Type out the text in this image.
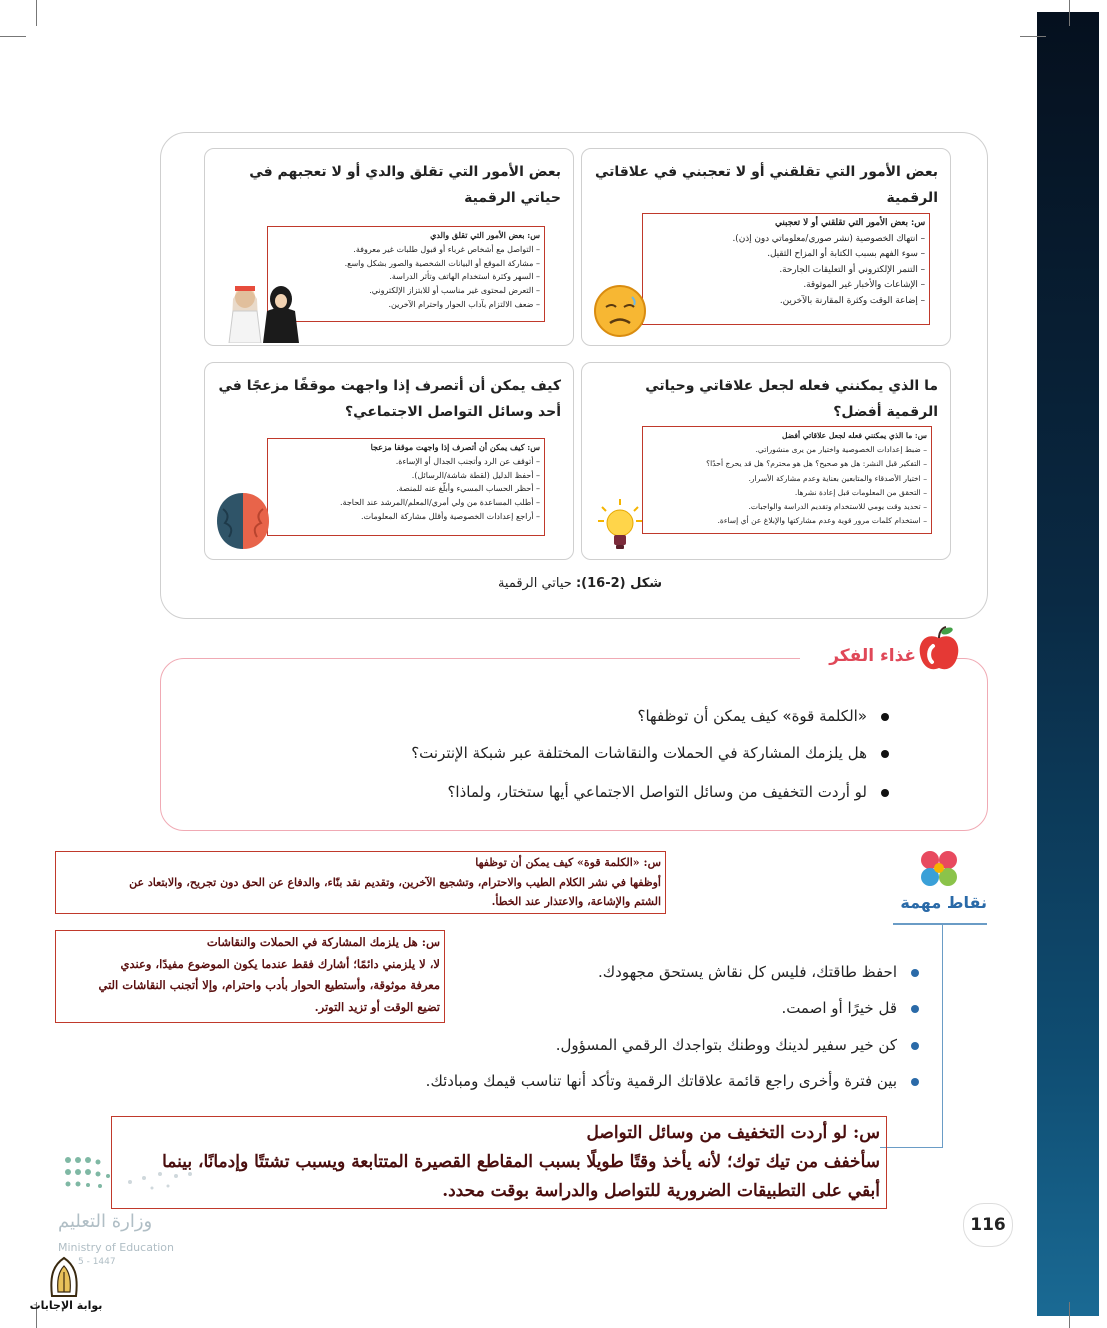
بعض الأمور التي تقلقني أو لا تعجبني في علاقاتي الرقمية
س: بعض الأمور التي تقلقني أو لا تعجبني
– انتهاك الخصوصية (نشر صوري/معلوماتي دون إذن).
– سوء الفهم بسبب الكتابة أو المزاح الثقيل.
– التنمر الإلكتروني أو التعليقات الجارحة.
– الإشاعات والأخبار غير الموثوقة.
– إضاعة الوقت وكثرة المقارنة بالآخرين.
بعض الأمور التي تقلق والدي أو لا تعجبهم في حياتي الرقمية
س: بعض الأمور التي تقلق والدي
– التواصل مع أشخاص غرباء أو قبول طلبات غير معروفة.
– مشاركة الموقع أو البيانات الشخصية والصور بشكل واسع.
– السهر وكثرة استخدام الهاتف وتأثر الدراسة.
– التعرض لمحتوى غير مناسب أو للابتزاز الإلكتروني.
– ضعف الالتزام بآداب الحوار واحترام الآخرين.
ما الذي يمكنني فعله لجعل علاقاتي وحياتي الرقمية أفضل؟
س: ما الذي يمكنني فعله لجعل علاقاتي أفضل
– ضبط إعدادات الخصوصية واختيار من يرى منشوراتي.
– التفكير قبل النشر: هل هو صحيح؟ هل هو محترم؟ هل قد يحرج أحدًا؟
– اختيار الأصدقاء والمتابعين بعناية وعدم مشاركة الأسرار.
– التحقق من المعلومات قبل إعادة نشرها.
– تحديد وقت يومي للاستخدام وتقديم الدراسة والواجبات.
– استخدام كلمات مرور قوية وعدم مشاركتها والإبلاغ عن أي إساءة.
كيف يمكن أن أتصرف إذا واجهت موقفًا مزعجًا في أحد وسائل التواصل الاجتماعي؟
س: كيف يمكن أن أتصرف إذا واجهت موقفا مزعجا
– أتوقف عن الرد وأتجنب الجدال أو الإساءة.
– أحفظ الدليل (لقطة شاشة/الرسائل).
– أحظر الحساب المسيء وأبلّغ عنه للمنصة.
– أطلب المساعدة من ولي أمري/المعلم/المرشد عند الحاجة.
– أراجع إعدادات الخصوصية وأقلل مشاركة المعلومات.
شكل (2-16): حياتي الرقمية
غذاء الفكر
«الكلمة قوة» كيف يمكن أن توظفها؟
هل يلزمك المشاركة في الحملات والنقاشات المختلفة عبر شبكة الإنترنت؟
لو أردت التخفيف من وسائل التواصل الاجتماعي أيها ستختار، ولماذا؟
س: «الكلمة قوة» كيف يمكن أن توظفها
أوظفها في نشر الكلام الطيب والاحترام، وتشجيع الآخرين، وتقديم نقد بنّاء، والدفاع عن الحق دون تجريح، والابتعاد عن
الشتم والإشاعة، والاعتذار عند الخطأ.
س: هل يلزمك المشاركة في الحملات والنقاشات
لا، لا يلزمني دائمًا؛ أشارك فقط عندما يكون الموضوع مفيدًا، وعندي
معرفة موثوقة، وأستطيع الحوار بأدب واحترام، وإلا أتجنب النقاشات التي
تضيع الوقت أو تزيد التوتر.
نقاط مهمة
احفظ طاقتك، فليس كل نقاش يستحق مجهودك.
قل خيرًا أو اصمت.
كن خير سفير لدينك ووطنك بتواجدك الرقمي المسؤول.
بين فترة وأخرى راجع قائمة علاقاتك الرقمية وتأكد أنها تناسب قيمك ومبادئك.
س: لو أردت التخفيف من وسائل التواصل
سأخفف من تيك توك؛ لأنه يأخذ وقتًا طويلًا بسبب المقاطع القصيرة المتتابعة ويسبب تشتتًا وإدمانًا، بينما
أبقي على التطبيقات الضرورية للتواصل والدراسة بوقت محدد.
وزارة التعليم
Ministry of Education
5 - 1447
بوابة الإجابات
116
